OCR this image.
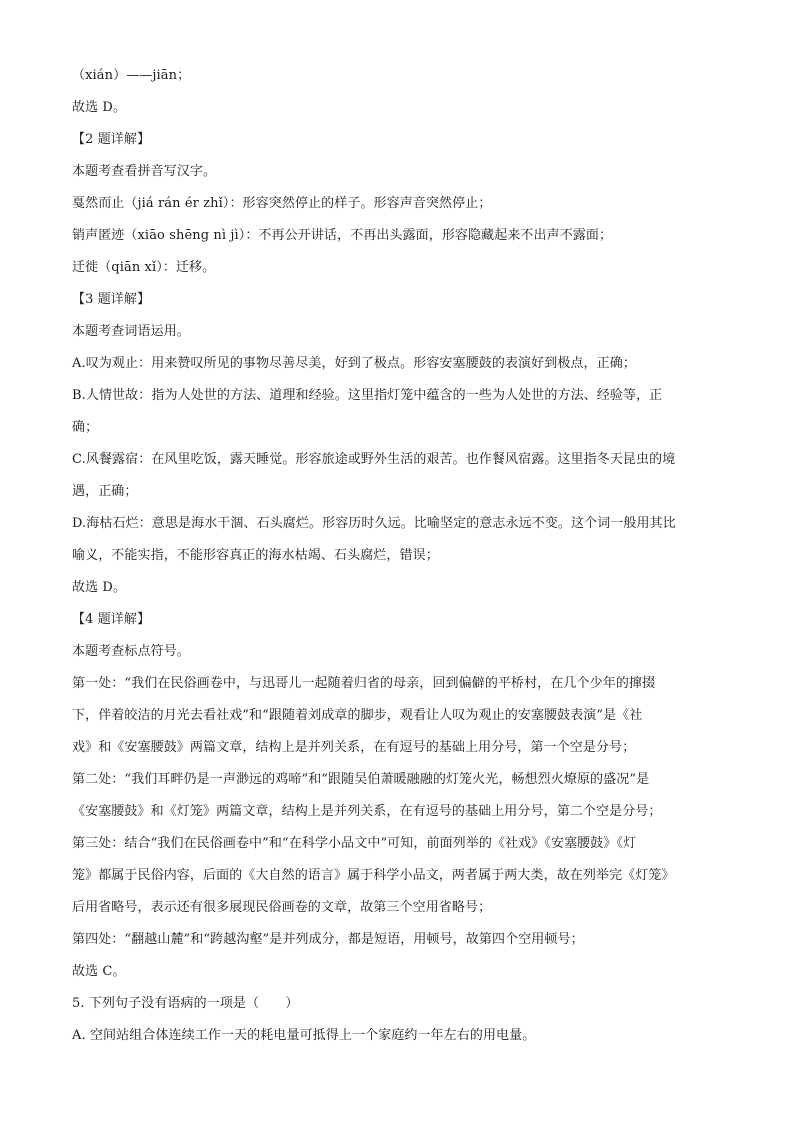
（xián）——jiān；
故选 D。
【2 题详解】
本题考查看拼音写汉字。
戛然而止（jiá rán ér zhǐ）：形容突然停止的样子。形容声音突然停止；
销声匿迹（xiāo shēng nì jì）：不再公开讲话，不再出头露面，形容隐藏起来不出声不露面；
迁徙（qiān xǐ）：迁移。
【3 题详解】
本题考查词语运用。
A.叹为观止：用来赞叹所见的事物尽善尽美，好到了极点。形容安塞腰鼓的表演好到极点，正确；
B.人情世故：指为人处世的方法、道理和经验。这里指灯笼中蕴含的一些为人处世的方法、经验等，正
确；
C.风餐露宿：在风里吃饭，露天睡觉。形容旅途或野外生活的艰苦。也作餐风宿露。这里指冬天昆虫的境
遇，正确；
D.海枯石烂：意思是海水干涸、石头腐烂。形容历时久远。比喻坚定的意志永远不变。这个词一般用其比
喻义，不能实指，不能形容真正的海水枯竭、石头腐烂，错误；
故选 D。
【4 题详解】
本题考查标点符号。
第一处：“我们在民俗画卷中，与迅哥儿一起随着归省的母亲，回到偏僻的平桥村，在几个少年的撺掇
下，伴着皎洁的月光去看社戏”和“跟随着刘成章的脚步，观看让人叹为观止的安塞腰鼓表演”是《社
戏》和《安塞腰鼓》两篇文章，结构上是并列关系，在有逗号的基础上用分号，第一个空是分号；
第二处：“我们耳畔仍是一声渺远的鸡啼”和“跟随吴伯萧暖融融的灯笼火光，畅想烈火燎原的盛况”是
《安塞腰鼓》和《灯笼》两篇文章，结构上是并列关系，在有逗号的基础上用分号，第二个空是分号；
第三处：结合“我们在民俗画卷中”和“在科学小品文中”可知，前面列举的《社戏》《安塞腰鼓》《灯
笼》都属于民俗内容，后面的《大自然的语言》属于科学小品文，两者属于两大类，故在列举完《灯笼》
后用省略号，表示还有很多展现民俗画卷的文章，故第三个空用省略号；
第四处：“翻越山麓”和“跨越沟壑”是并列成分，都是短语，用顿号，故第四个空用顿号；
故选 C。
5. 下列句子没有语病的一项是（　　）
A. 空间站组合体连续工作一天的耗电量可抵得上一个家庭约一年左右的用电量。
